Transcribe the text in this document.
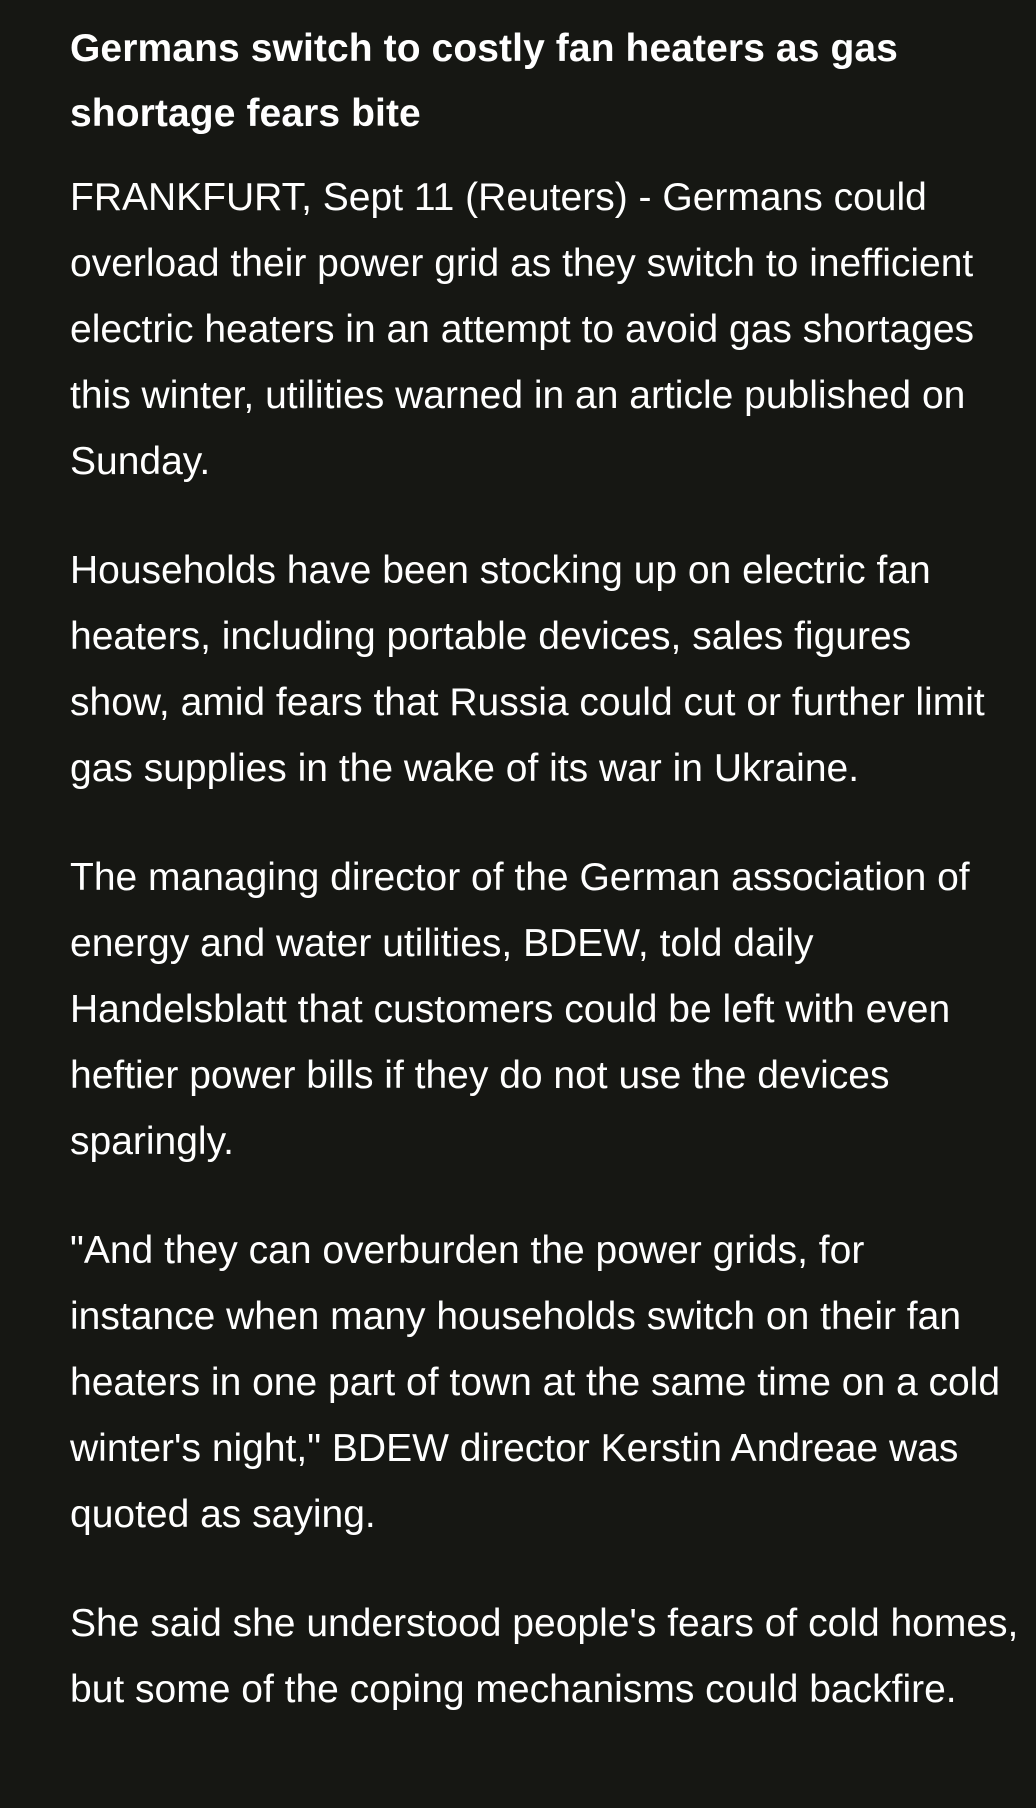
Germans switch to costly fan heaters as gas shortage fears bite

FRANKFURT, Sept 11 (Reuters) - Germans could overload their power grid as they switch to inefficient electric heaters in an attempt to avoid gas shortages this winter, utilities warned in an article published on Sunday.

Households have been stocking up on electric fan heaters, including portable devices, sales figures show, amid fears that Russia could cut or further limit gas supplies in the wake of its war in Ukraine.

The managing director of the German association of energy and water utilities, BDEW, told daily Handelsblatt that customers could be left with even heftier power bills if they do not use the devices sparingly.

"And they can overburden the power grids, for instance when many households switch on their fan heaters in one part of town at the same time on a cold winter's night," BDEW director Kerstin Andreae was quoted as saying.

She said she understood people's fears of cold homes, but some of the coping mechanisms could backfire.
